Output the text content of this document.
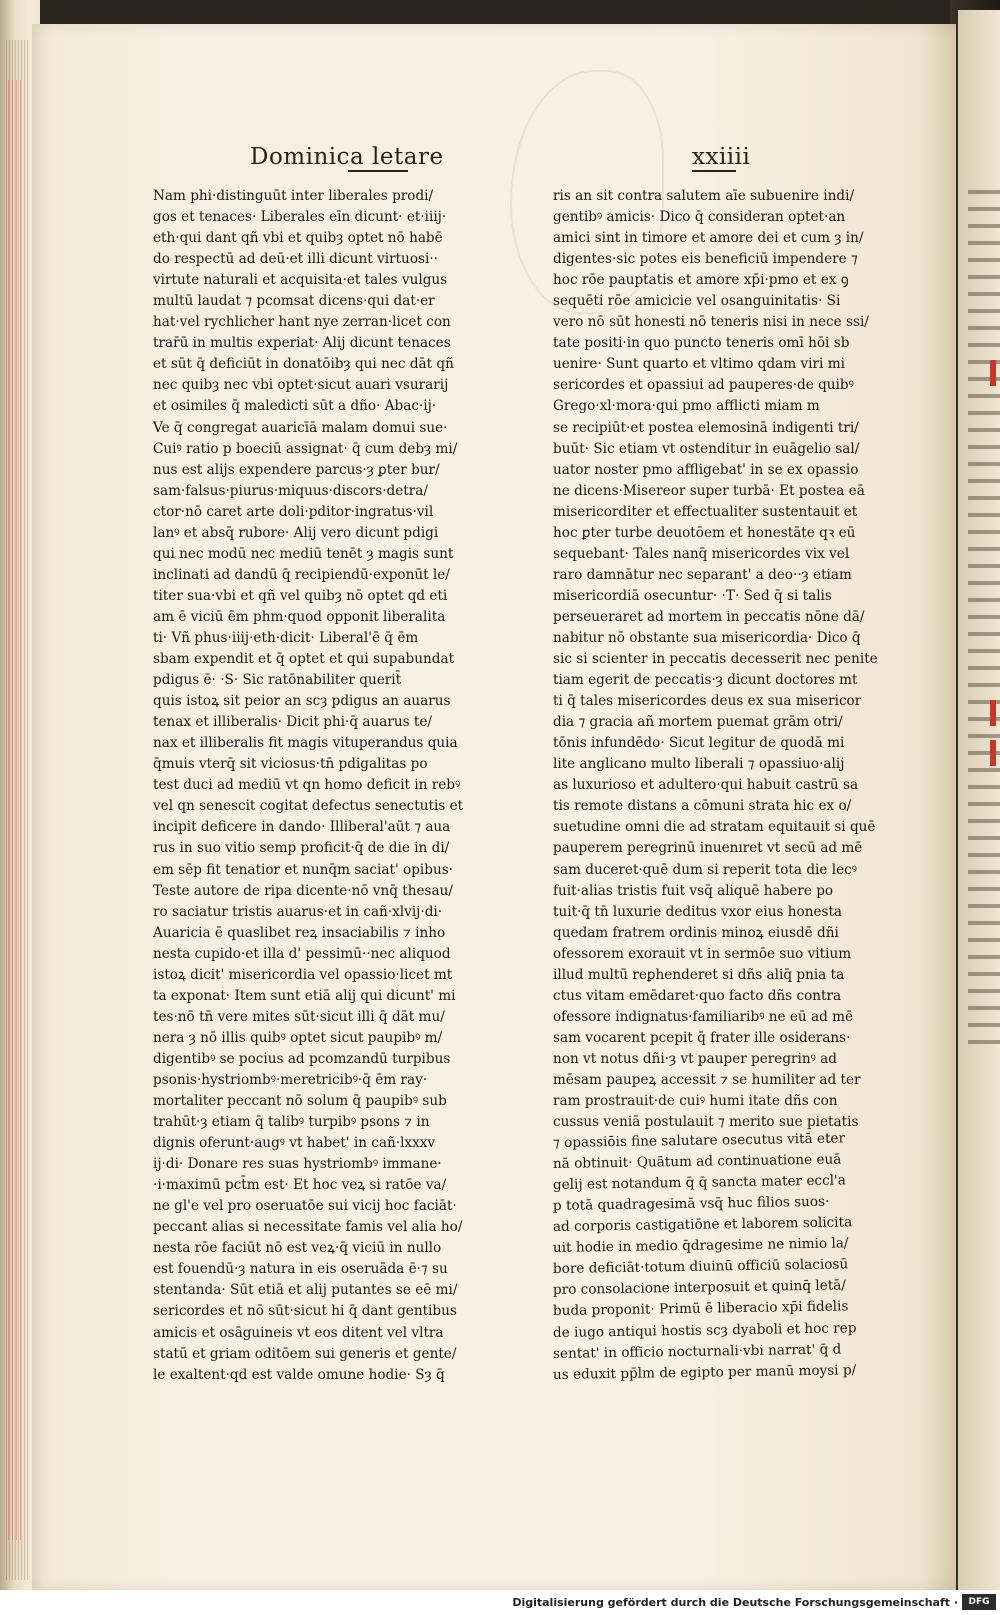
Dominica letare	xxiiii
Nam phi·distinguūt inter liberales prodi/
gos et tenaces· Liberales eīn dicunt· et·iiij·
eth·qui dant qñ vbi et quibȝ optet nō habē
do respectū ad deū·et illi dicunt virtuosi··
virtute naturali et acquisita·et tales vulgus
multū laudat ⁊ pcomsat dicens·qui dat·er
hat·vel rychlicher hant nye zerran·licet con
trar̄ū in multis experiat· Alij dicunt tenaces
et sūt q̄ deficiūt in donatōibȝ qui nec dāt qñ
nec quibȝ nec vbi optet·sicut auari vsurarij
et osimiles q̄ maledicti sūt a dño· Abac·ij·
Ve q̄ congregat auaricīā malam domui sue·
Cuiꝰ ratio p boeciū assignat· q̄ cum debȝ mi/
nus est alijs expendere parcus·ȝ ꝑter bur/
sam·falsus·piurus·miquus·discors·detra/
ctor·nō caret arte doli·pditor·ingratus·vil
lanꝰ et absq̄ rubore· Alij vero dicunt pdigi
qui nec modū nec mediū tenēt ȝ magis sunt
inclinati ad dandū q̄ recipiendū·exponūt le/
titer sua·vbi et qñ vel quibȝ nō optet qd eti
am ē viciū ēm phm·quod opponit liberalita
ti· Vñ phus·iiij·eth·dicit· Liberal'ē q̄ ēm
sbam expendit et q̄ optet et qui supabundat
pdigus ē· ·S· Sic ratōnabiliter querit̄
quis istoꝝ sit peior an scȝ pdigus an auarus
tenax et illiberalis· Dicit phi·q̄ auarus te/
nax et illiberalis fit magis vituperandus quia
q̄muis vterq̄ sit viciosus·tn̄ pdigalitas po
test duci ad mediū vt qn homo deficit in rebꝰ
vel qn senescit cogitat defectus senectutis et
incipit deficere in dando· Illiberal'aūt ⁊ aua
rus in suo vitio semp proficit·q̄ de die in di/
em sēp fit tenatior et nunq̄m saciat' opibus·
Teste autore de ripa dicente·nō vnq̄ thesau/
ro saciatur tristis auarus·et in cañ·xlvij·di·
Auaricia ē quaslibet reꝝ insaciabilis ⁊ inho
nesta cupido·et illa d' pessimū··nec aliquod
istoꝝ dicit' misericordia vel opassio·licet mt
ta exponat· Item sunt etiā alij qui dicunt' mi
tes·nō tn̄ vere mites sūt·sicut illi q̄ dāt mu/
nera ȝ nō illis quibꝰ optet sicut paupibꝰ m/
digentibꝰ se pocius ad pcomzandū turpibus
psonis·hystriombꝰ·meretricibꝰ·q̄ ēm ray·
mortaliter peccant nō solum q̄ paupibꝰ sub
trahūt·ȝ etiam q̄ talibꝰ turpibꝰ psons ⁊ in
dignis oferunt·augꝰ vt habet' in cañ·lxxxv
ij·di· Donare res suas hystriombꝰ immane·
·i·maximū pct̄m est· Et hoc veꝝ si ratōe va/
ne gl'e vel pro oseruatōe sui vicij hoc faciāt·
peccant alias si necessitate famis vel alia ho/
nesta rōe faciūt nō est veꝝ·q̄ viciū in nullo
est fouendū·ȝ natura in eis oseruāda ē·⁊ su
stentanda· Sūt etiā et alij putantes se eē mi/
sericordes et nō sūt·sicut hi q̄ dant gentibus
amicis et osāguineis vt eos ditent vel vltra
statū et griam oditōem sui generis et gente/
le exaltent·qd est valde omune hodie· Sȝ q̄
ris an sit contra salutem aīe subuenire indi/
gentibꝰ amicis· Dico q̄ consideran optet·an
amici sint in timore et amore dei et cum ȝ in/
digentes·sic potes eis beneficiū impendere ⁊
hoc rōe pauptatis et amore xp̄i·pmo et ex ꝯ
sequēti rōe amicicie vel osanguinitatis· Si
vero nō sūt honesti nō teneris nisi in nece ssi/
tate positi·in quo puncto teneris omī hōi sb
uenire· Sunt quarto et vltimo qdam viri mi
sericordes et opassiui ad pauperes·de quibꝰ
Grego·xl·mora·qui pmo afflicti miam m
se recipiūt·et postea elemosinā indigenti tri/
buūt· Sic etiam vt ostenditur in euāgelio sal/
uator noster pmo affligebat' in se ex opassio
ne dicens·Misereor super turbā· Et postea eā
misericorditer et effectualiter sustentauit et
hoc ꝑter turbe deuotōem et honestāte qꝛ eū
sequebant· Tales nanq̄ misericordes vix vel
raro damnātur nec separant' a deo··ȝ etiam
misericordiā osecuntur· ·T· Sed q̄ si talis
perseueraret ad mortem in peccatis nōne dā/
nabitur nō obstante sua misericordia· Dico q̄
sic si scienter in peccatis decesserit nec penite
tiam egerit de peccatis·ȝ dicunt doctores mt
ti q̄ tales misericordes deus ex sua misericor
dia ⁊ gracia añ mortem puemat grām otri/
tōnis infundēdo· Sicut legitur de quodā mi
lite anglicano multo liberali ⁊ opassiuo·alij
as luxurioso et adultero·qui habuit castrū sa
tis remote distans a cōmuni strata hic ex o/
suetudine omni die ad stratam equitauit si quē
pauperem peregrinū inuenıret vt secū ad mē
sam duceret·quē dum si reperit tota die lecꝰ
fuit·alias tristis fuit vsq̄ aliquē habere po
tuit·q̄ tn̄ luxurie deditus vxor eius honesta
quedam fratrem ordinis minoꝝ eiusdē dñi
ofessorem exorauit vt in sermōe suo vitium
illud multū reꝑhenderet si dñs aliq̄ pnia ta
ctus vitam emēdaret·quo facto dñs contra
ofessore indignatus·familiaribꝰ ne eū ad mē
sam vocarent pcepit q̄ frater ille osiderans·
non vt notus dñi·ȝ vt pauper peregrinꝰ ad
mēsam paupeꝝ accessit ⁊ se humiliter ad ter
ram prostrauit·de cuiꝰ humi itate dñs con
cussus veniā postulauit ⁊ merito sue pietatis
⁊ opassiōis fine salutare osecutus vitā eter
nā obtinuit· Quātum ad continuatione euā
gelij est notandum q̄ q̄ sancta mater eccl'a
p totā quadragesimā vsq̄ huc filios suos·
ad corporis castigatiōne et laborem solicita
uit hodie in medio q̄dragesime ne nimio la/
bore deficiāt·totum diuinū officiū solaciosū
pro consolacione interposuit et quinq̄ letā/
buda proponit· Primū ē liberacio xp̄i fidelis
de iugo antiqui hostis scȝ dyaboli et hoc rep
sentat' in officio nocturnali·vbi narrat' q̄ d
us eduxit pp̄lm de egipto per manū moysi p/
Digitalisierung gefördert durch die Deutsche Forschungsgemeinschaft ·	DFG
